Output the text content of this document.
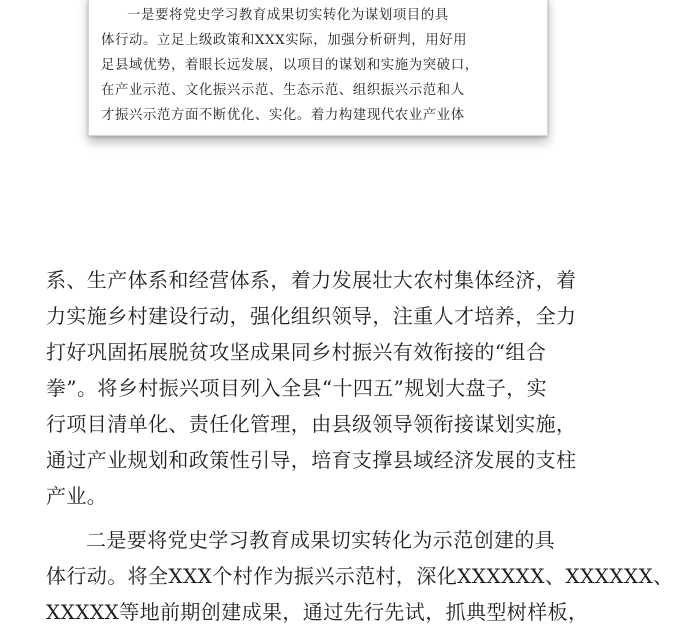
一是要将党史学习教育成果切实转化为谋划项目的具
体行动。立足上级政策和XXX实际，加强分析研判，用好用
足县域优势，着眼长远发展，以项目的谋划和实施为突破口，
在产业示范、文化振兴示范、生态示范、组织振兴示范和人
才振兴示范方面不断优化、实化。着力构建现代农业产业体
系、生产体系和经营体系，着力发展壮大农村集体经济，着
力实施乡村建设行动，强化组织领导，注重人才培养，全力
打好巩固拓展脱贫攻坚成果同乡村振兴有效衔接的“组合
拳”。将乡村振兴项目列入全县“十四五”规划大盘子，实
行项目清单化、责任化管理，由县级领导领衔接谋划实施，
通过产业规划和政策性引导，培育支撑县域经济发展的支柱
产业。
二是要将党史学习教育成果切实转化为示范创建的具
体行动。将全XXX个村作为振兴示范村，深化XXXXXX、XXXXXX、
XXXXX等地前期创建成果，通过先行先试，抓典型树样板，
